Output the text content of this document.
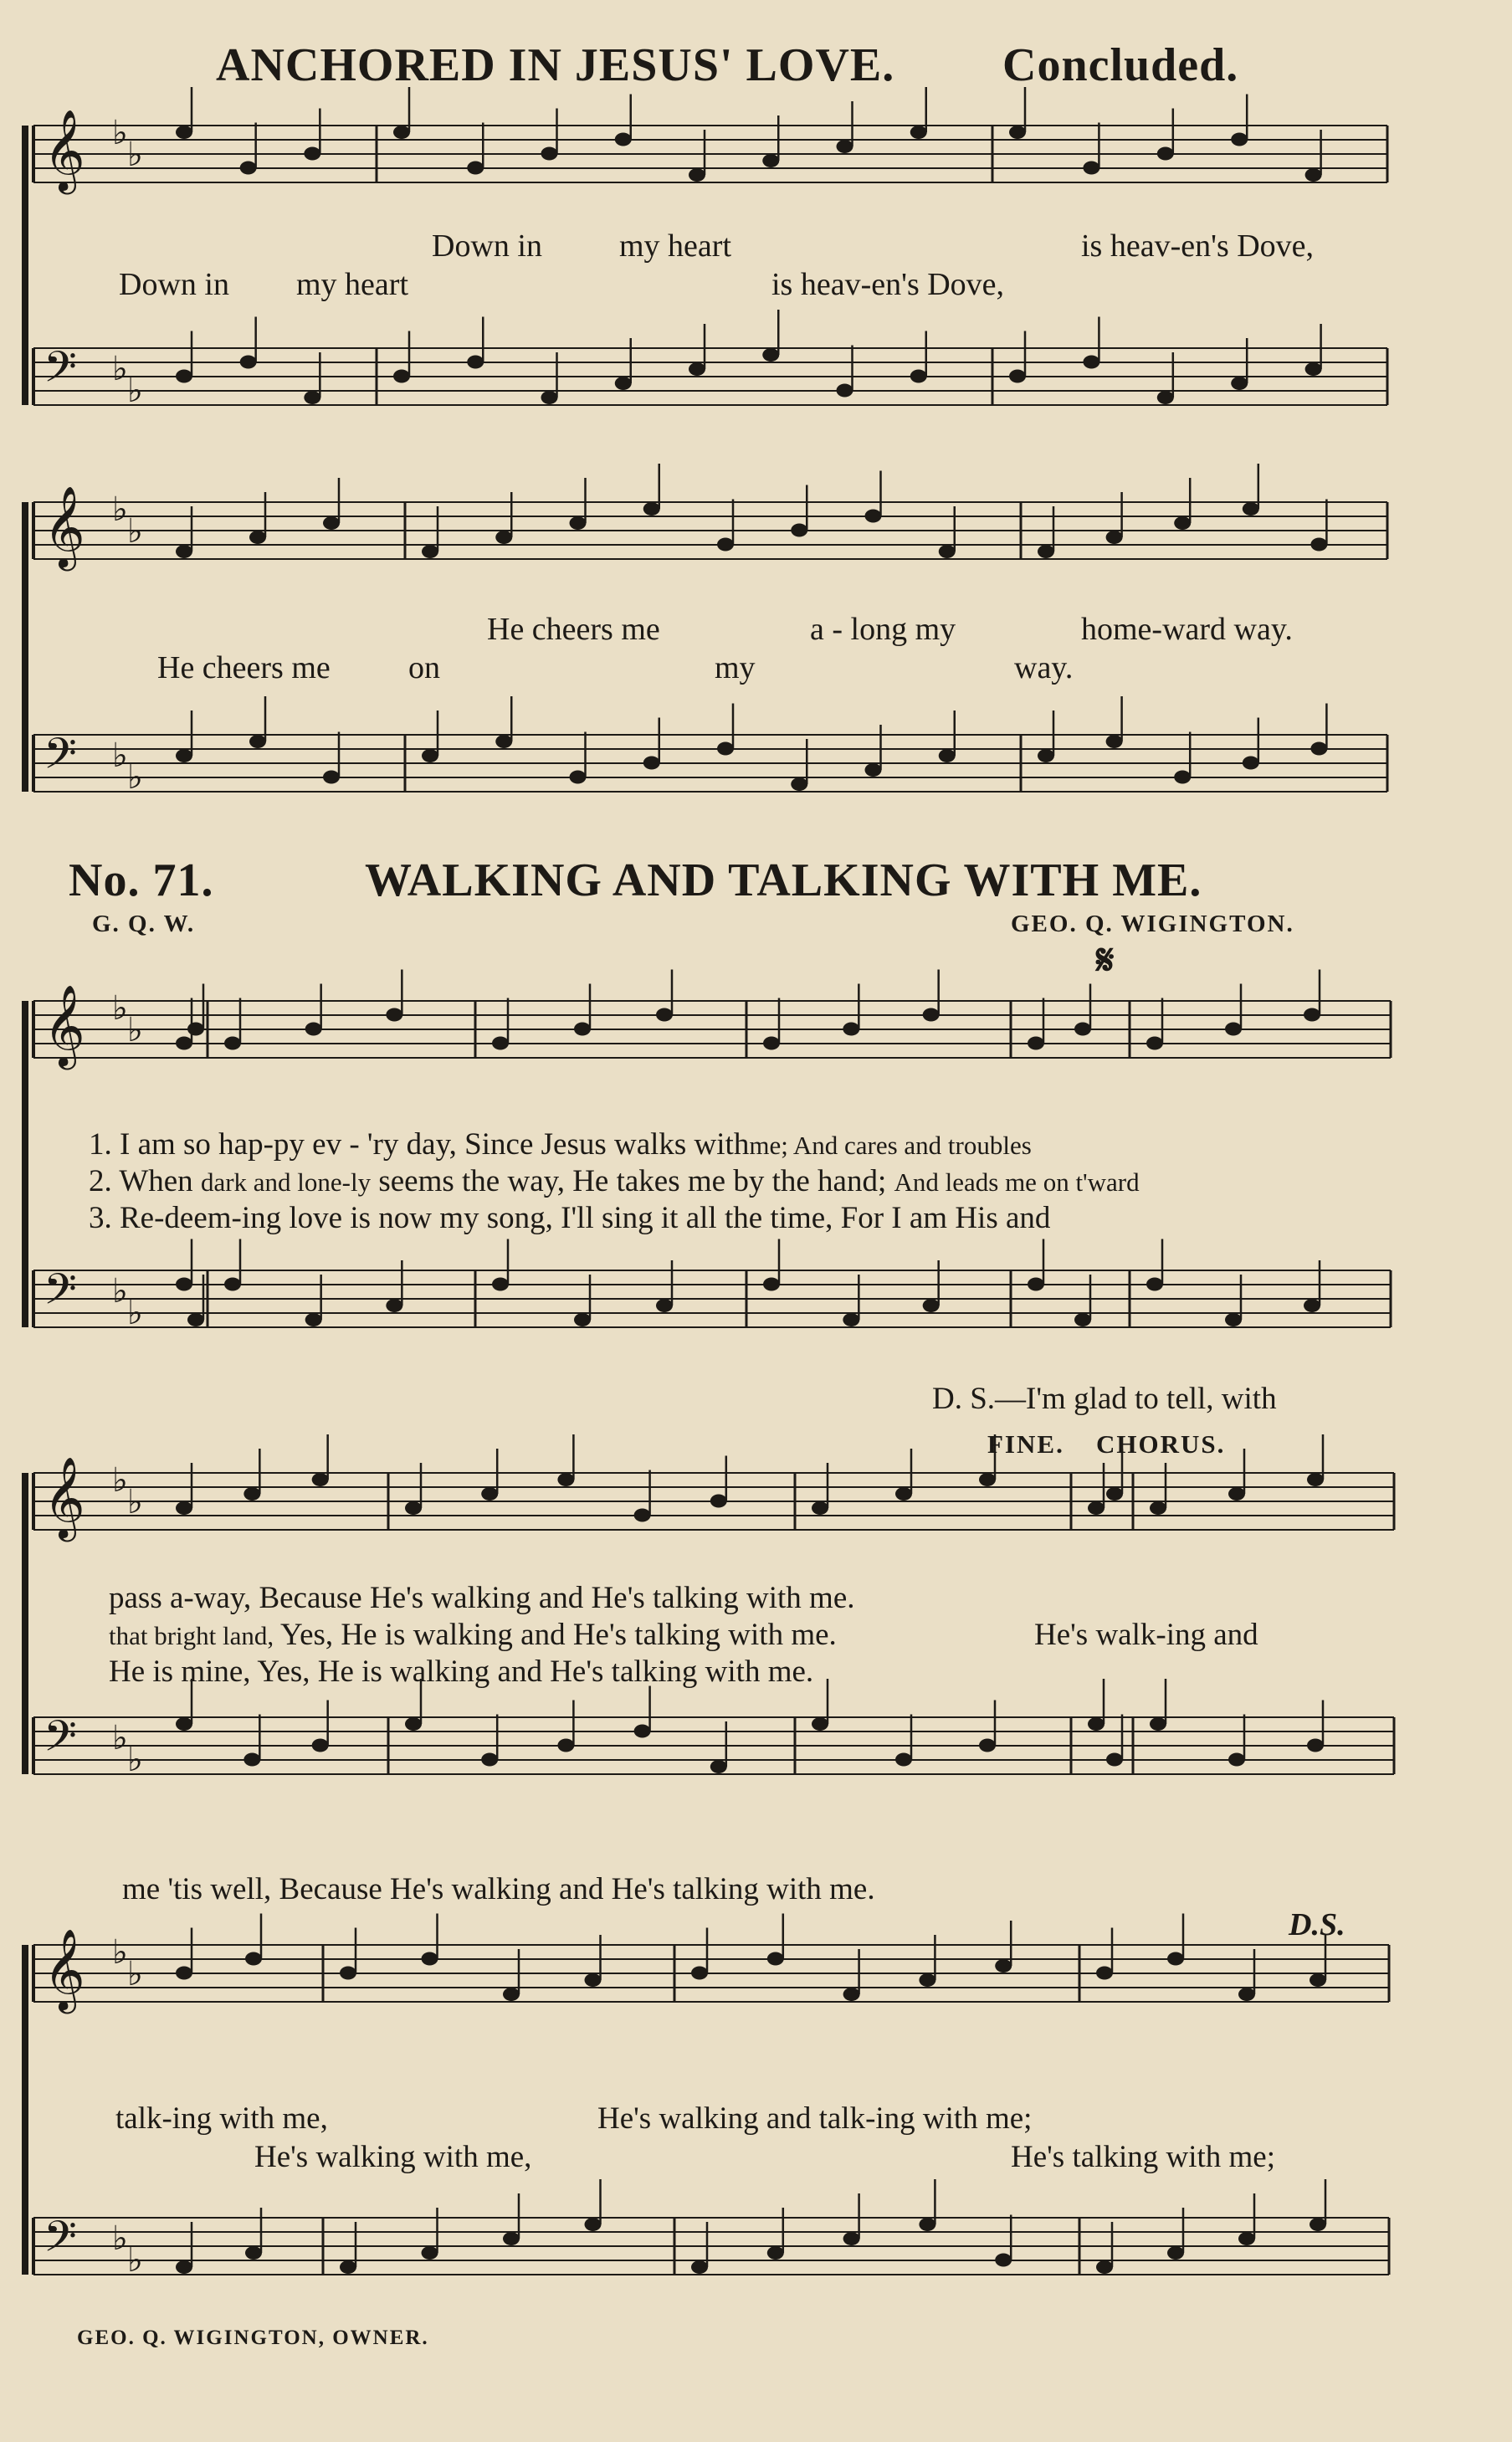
𝄞 ♭
♭
𝄢 ♭
♭
𝄞 ♭
♭
𝄢 ♭
♭
𝄞 ♭
♭
𝄢 ♭
♭
𝄞 ♭
♭
𝄢 ♭
♭
𝄞 ♭
♭
𝄢 ♭
♭
ANCHORED IN JESUS' LOVE. Concluded.
Down in my heart	is heav-en's Dove,
Down in my heart	is heav-en's Dove,
He cheers me	a - long my	home-ward way.
He cheers me on	my	way.
No. 71.	WALKING AND TALKING WITH ME.
G. Q. W.	GEO. Q. WIGINGTON.
𝄋
1. I am so hap-py ev - 'ry day, Since Jesus walks withme; And cares and troubles
2. When dark and lone-ly seems the way, He takes me by the hand; And leads me on t'ward
3. Re-deem-ing love is now my song, I'll sing it all the time, For I am His and
D. S.—I'm glad to tell, with
FINE. CHORUS.
pass a-way, Because He's walking and He's talking with me.
that bright land, Yes, He is walking and He's talking with me.	He's walk-ing and
He is mine, Yes, He is walking and He's talking with me.
me 'tis well, Because He's walking and He's talking with me.
D.S.
talk-ing with me,	He's walking and talk-ing with me;
He's walking with me,	He's talking with me;
GEO. Q. WIGINGTON, OWNER.
